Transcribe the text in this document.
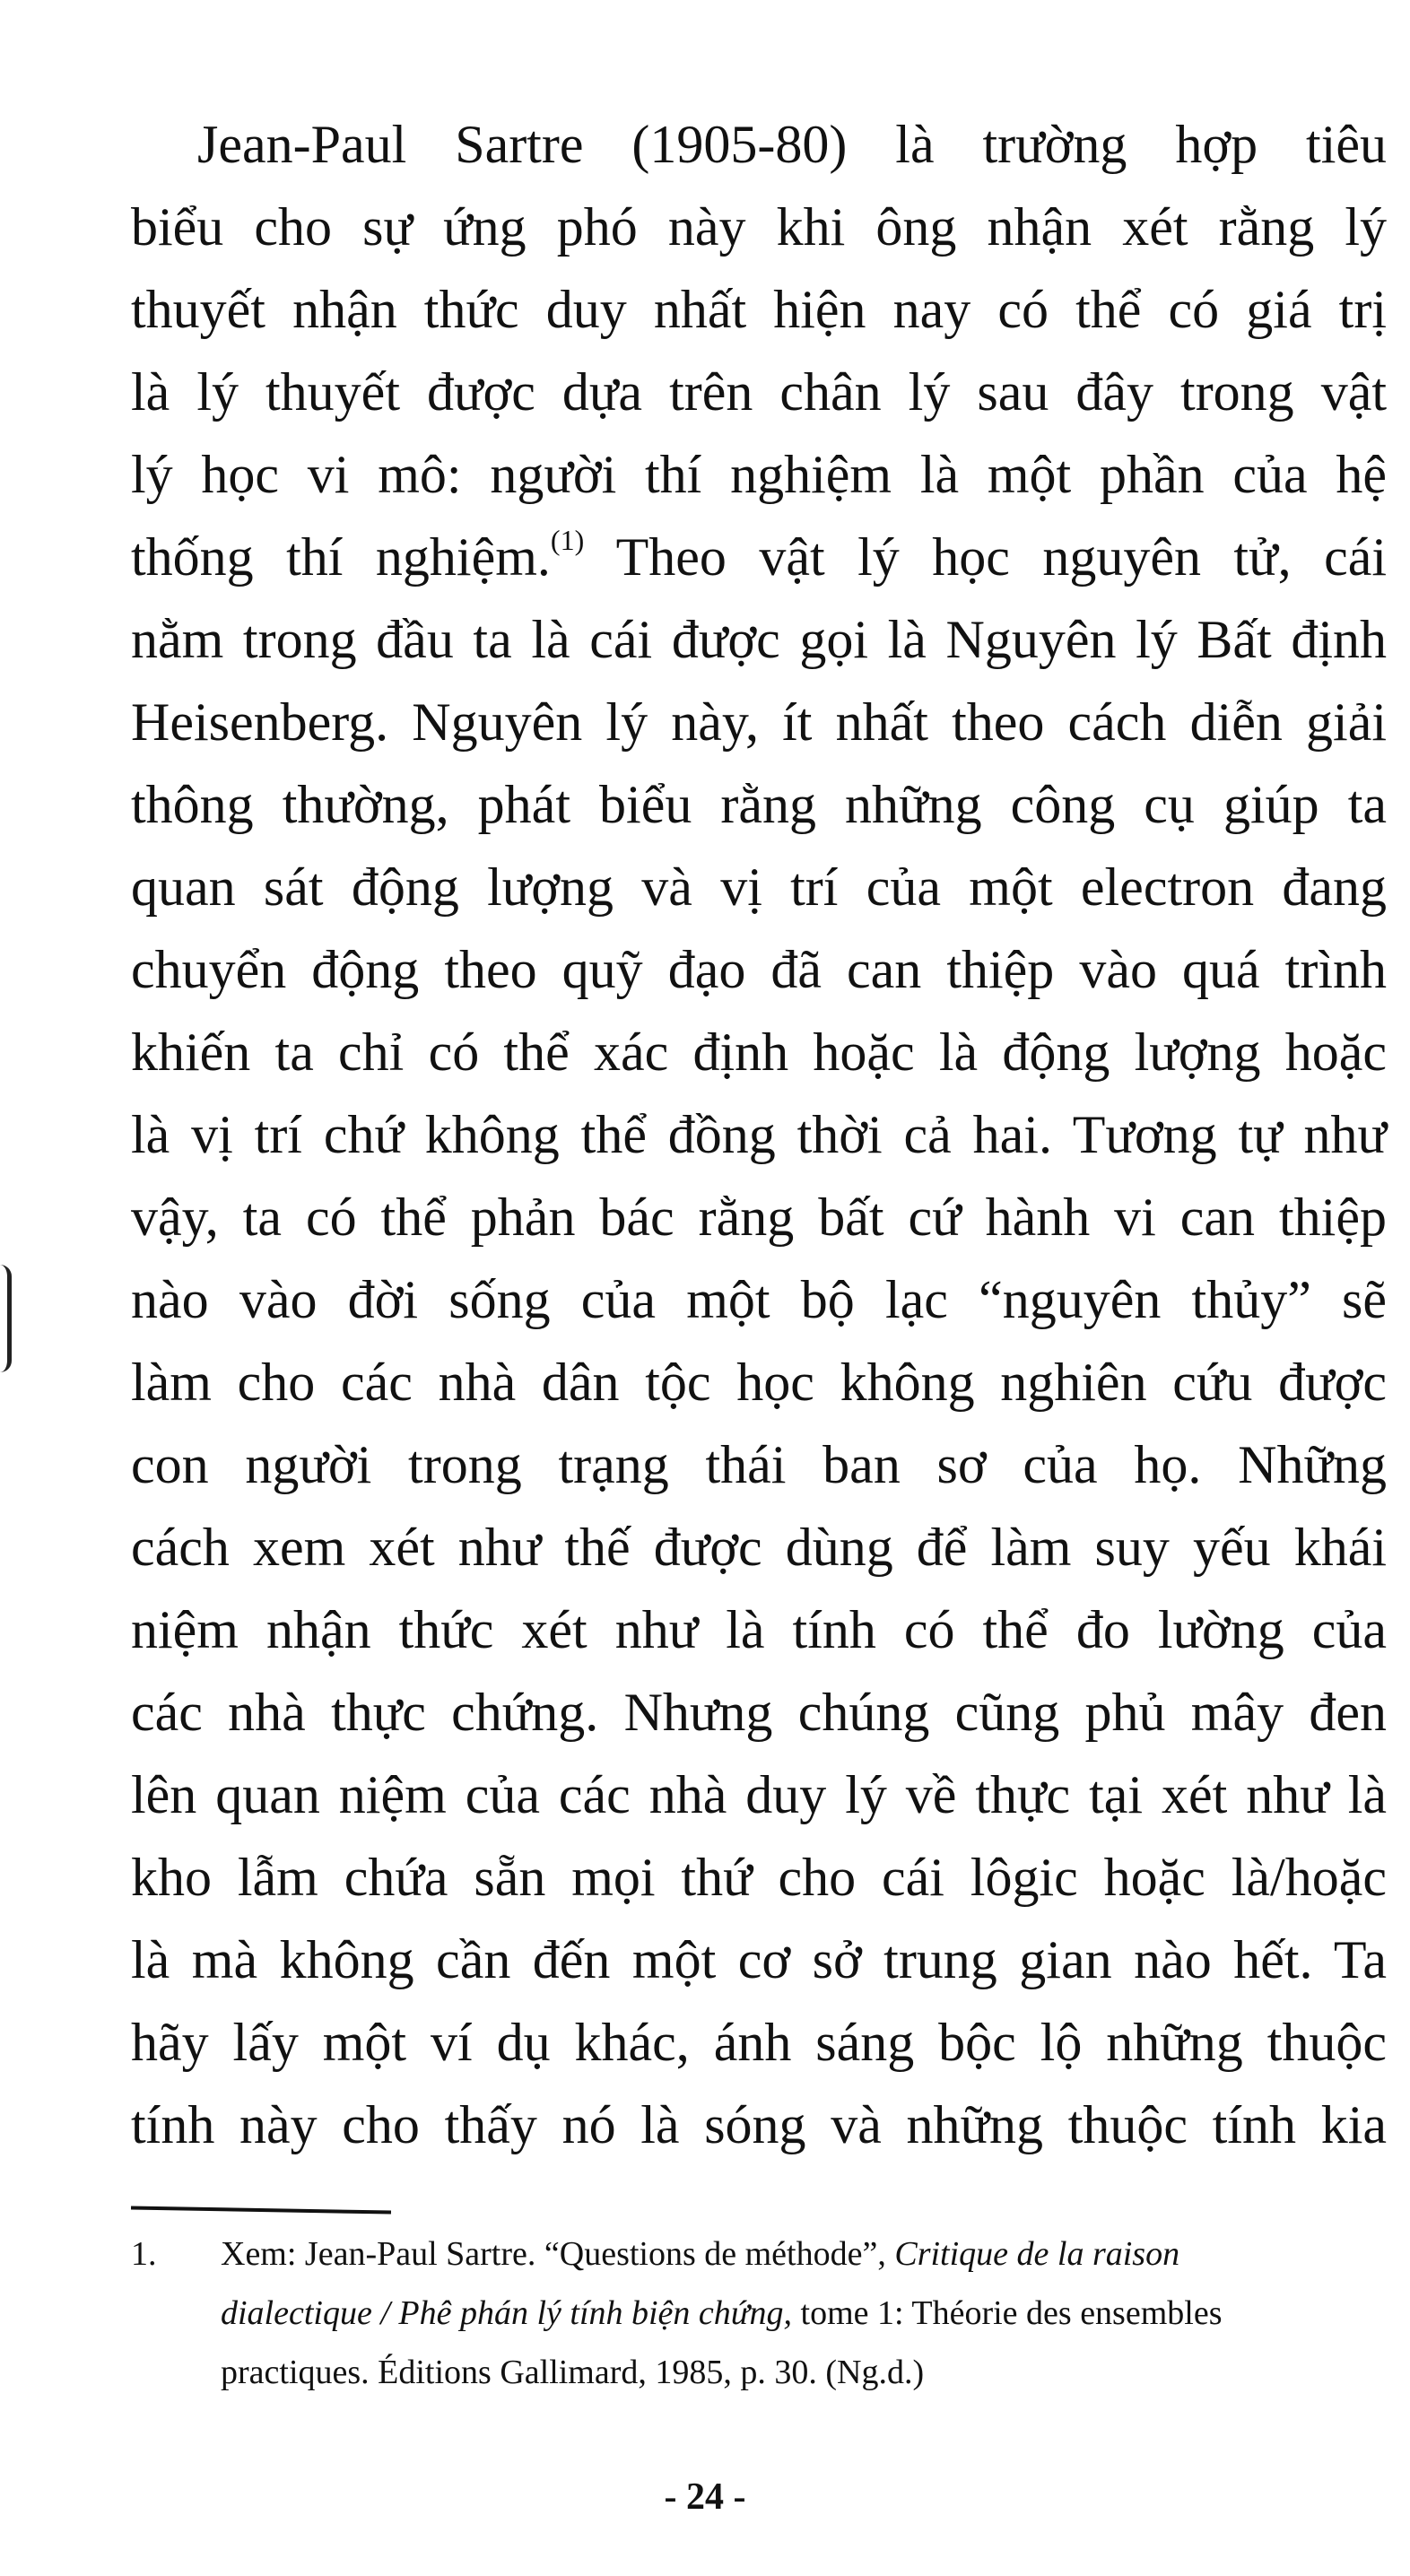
Jean-Paul Sartre (1905-80) là trường hợp tiêu
biểu cho sự ứng phó này khi ông nhận xét rằng lý
thuyết nhận thức duy nhất hiện nay có thể có giá trị
là lý thuyết được dựa trên chân lý sau đây trong vật
lý học vi mô: người thí nghiệm là một phần của hệ
thống thí nghiệm.$^{(1)}$ Theo vật lý học nguyên tử, cái
nằm trong đầu ta là cái được gọi là Nguyên lý Bất định
Heisenberg. Nguyên lý này, ít nhất theo cách diễn giải
thông thường, phát biểu rằng những công cụ giúp ta
quan sát động lượng và vị trí của một electron đang
chuyển động theo quỹ đạo đã can thiệp vào quá trình
khiến ta chỉ có thể xác định hoặc là động lượng hoặc
là vị trí chứ không thể đồng thời cả hai. Tương tự như
vậy, ta có thể phản bác rằng bất cứ hành vi can thiệp
nào vào đời sống của một bộ lạc “nguyên thủy” sẽ
làm cho các nhà dân tộc học không nghiên cứu được
con người trong trạng thái ban sơ của họ. Những
cách xem xét như thế được dùng để làm suy yếu khái
niệm nhận thức xét như là tính có thể đo lường của
các nhà thực chứng. Nhưng chúng cũng phủ mây đen
lên quan niệm của các nhà duy lý về thực tại xét như là
kho lẫm chứa sẵn mọi thứ cho cái lôgic hoặc là/hoặc
là mà không cần đến một cơ sở trung gian nào hết. Ta
hãy lấy một ví dụ khác, ánh sáng bộc lộ những thuộc
tính này cho thấy nó là sóng và những thuộc tính kia
1. Xem: Jean-Paul Sartre. “Questions de méthode”, Critique de la raison
dialectique / Phê phán lý tính biện chứng, tome 1: Théorie des ensembles
practiques. Éditions Gallimard, 1985, p. 30. (Ng.d.)
- 24 -
